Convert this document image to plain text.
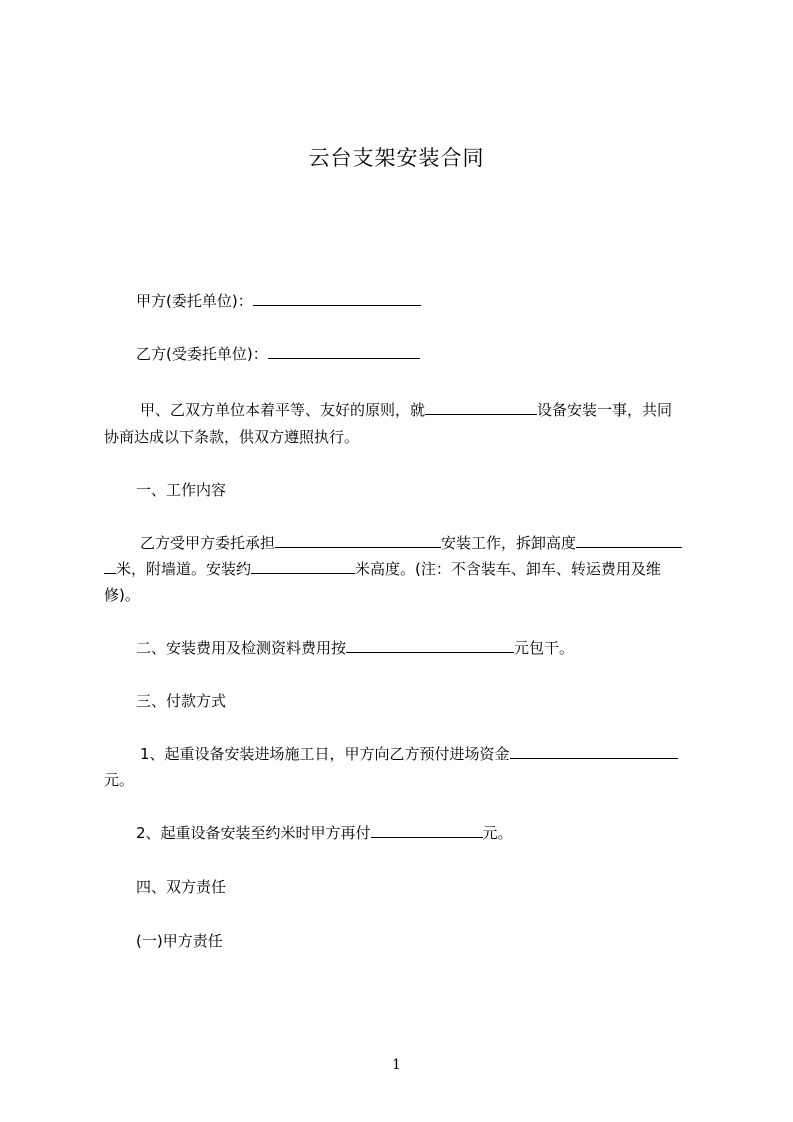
云台支架安装合同
甲方(委托单位)：
乙方(受委托单位)：
甲、乙双方单位本着平等、友好的原则，就	设备安装一事，共同
协商达成以下条款，供双方遵照执行。
一、工作内容
乙方受甲方委托承担	安装工作，拆卸高度
米，附墙道。安装约	米高度。(注：不含装车、卸车、转运费用及维
修)。
二、安装费用及检测资料费用按	元包干。
三、付款方式
1、起重设备安装进场施工日，甲方向乙方预付进场资金
元。
2、起重设备安装至约米时甲方再付	元。
四、双方责任
(一)甲方责任
1
